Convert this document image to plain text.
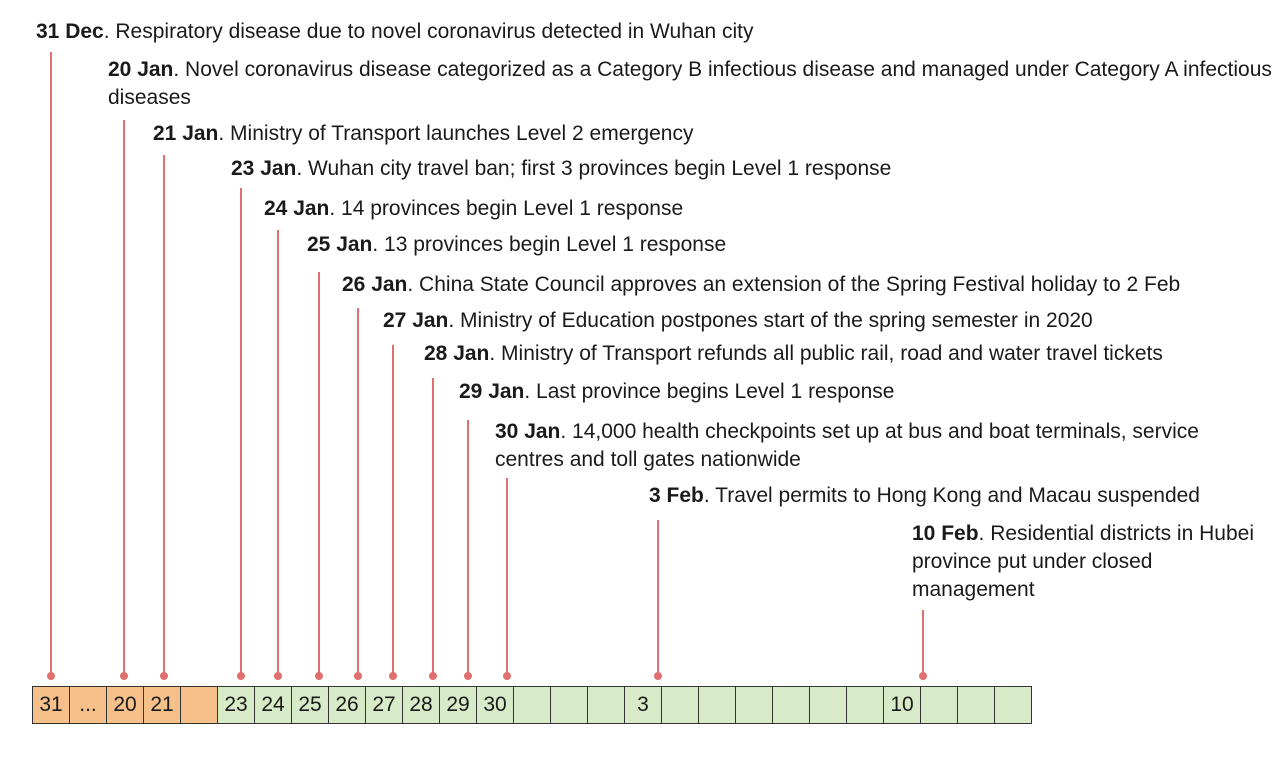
31 Dec. Respiratory disease due to novel coronavirus detected in Wuhan city
20 Jan. Novel coronavirus disease categorized as a Category B infectious disease and managed under Category A infectious diseases
21 Jan. Ministry of Transport launches Level 2 emergency
23 Jan. Wuhan city travel ban; first 3 provinces begin Level 1 response
24 Jan. 14 provinces begin Level 1 response
25 Jan. 13 provinces begin Level 1 response
26 Jan. China State Council approves an extension of the Spring Festival holiday to 2 Feb
27 Jan. Ministry of Education postpones start of the spring semester in 2020
28 Jan. Ministry of Transport refunds all public rail, road and water travel tickets
29 Jan. Last province begins Level 1 response
30 Jan. 14,000 health checkpoints set up at bus and boat terminals, service centres and toll gates nationwide
3 Feb. Travel permits to Hong Kong and Macau suspended
10 Feb. Residential districts in Hubei province put under closed management
31 ... 20 21	23 24 25 26 27 28 29 30	3	10
